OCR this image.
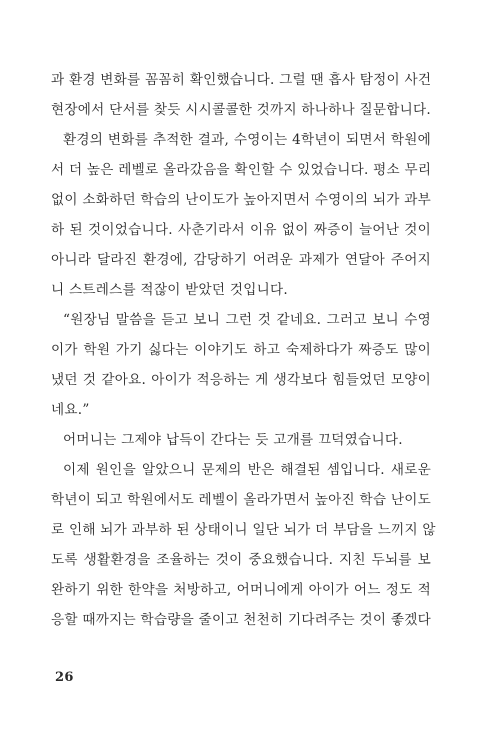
과 환경 변화를 꼼꼼히 확인했습니다. 그럴 땐 흡사 탐정이 사건
현장에서 단서를 찾듯 시시콜콜한 것까지 하나하나 질문합니다.
환경의 변화를 추적한 결과, 수영이는 4학년이 되면서 학원에
서 더 높은 레벨로 올라갔음을 확인할 수 있었습니다. 평소 무리
없이 소화하던 학습의 난이도가 높아지면서 수영이의 뇌가 과부
하 된 것이었습니다. 사춘기라서 이유 없이 짜증이 늘어난 것이
아니라 달라진 환경에, 감당하기 어려운 과제가 연달아 주어지
니 스트레스를 적잖이 받았던 것입니다.
“원장님 말씀을 듣고 보니 그런 것 같네요. 그러고 보니 수영
이가 학원 가기 싫다는 이야기도 하고 숙제하다가 짜증도 많이
냈던 것 같아요. 아이가 적응하는 게 생각보다 힘들었던 모양이
네요.”
어머니는 그제야 납득이 간다는 듯 고개를 끄덕였습니다.
이제 원인을 알았으니 문제의 반은 해결된 셈입니다. 새로운
학년이 되고 학원에서도 레벨이 올라가면서 높아진 학습 난이도
로 인해 뇌가 과부하 된 상태이니 일단 뇌가 더 부담을 느끼지 않
도록 생활환경을 조율하는 것이 중요했습니다. 지친 두뇌를 보
완하기 위한 한약을 처방하고, 어머니에게 아이가 어느 정도 적
응할 때까지는 학습량을 줄이고 천천히 기다려주는 것이 좋겠다
26
